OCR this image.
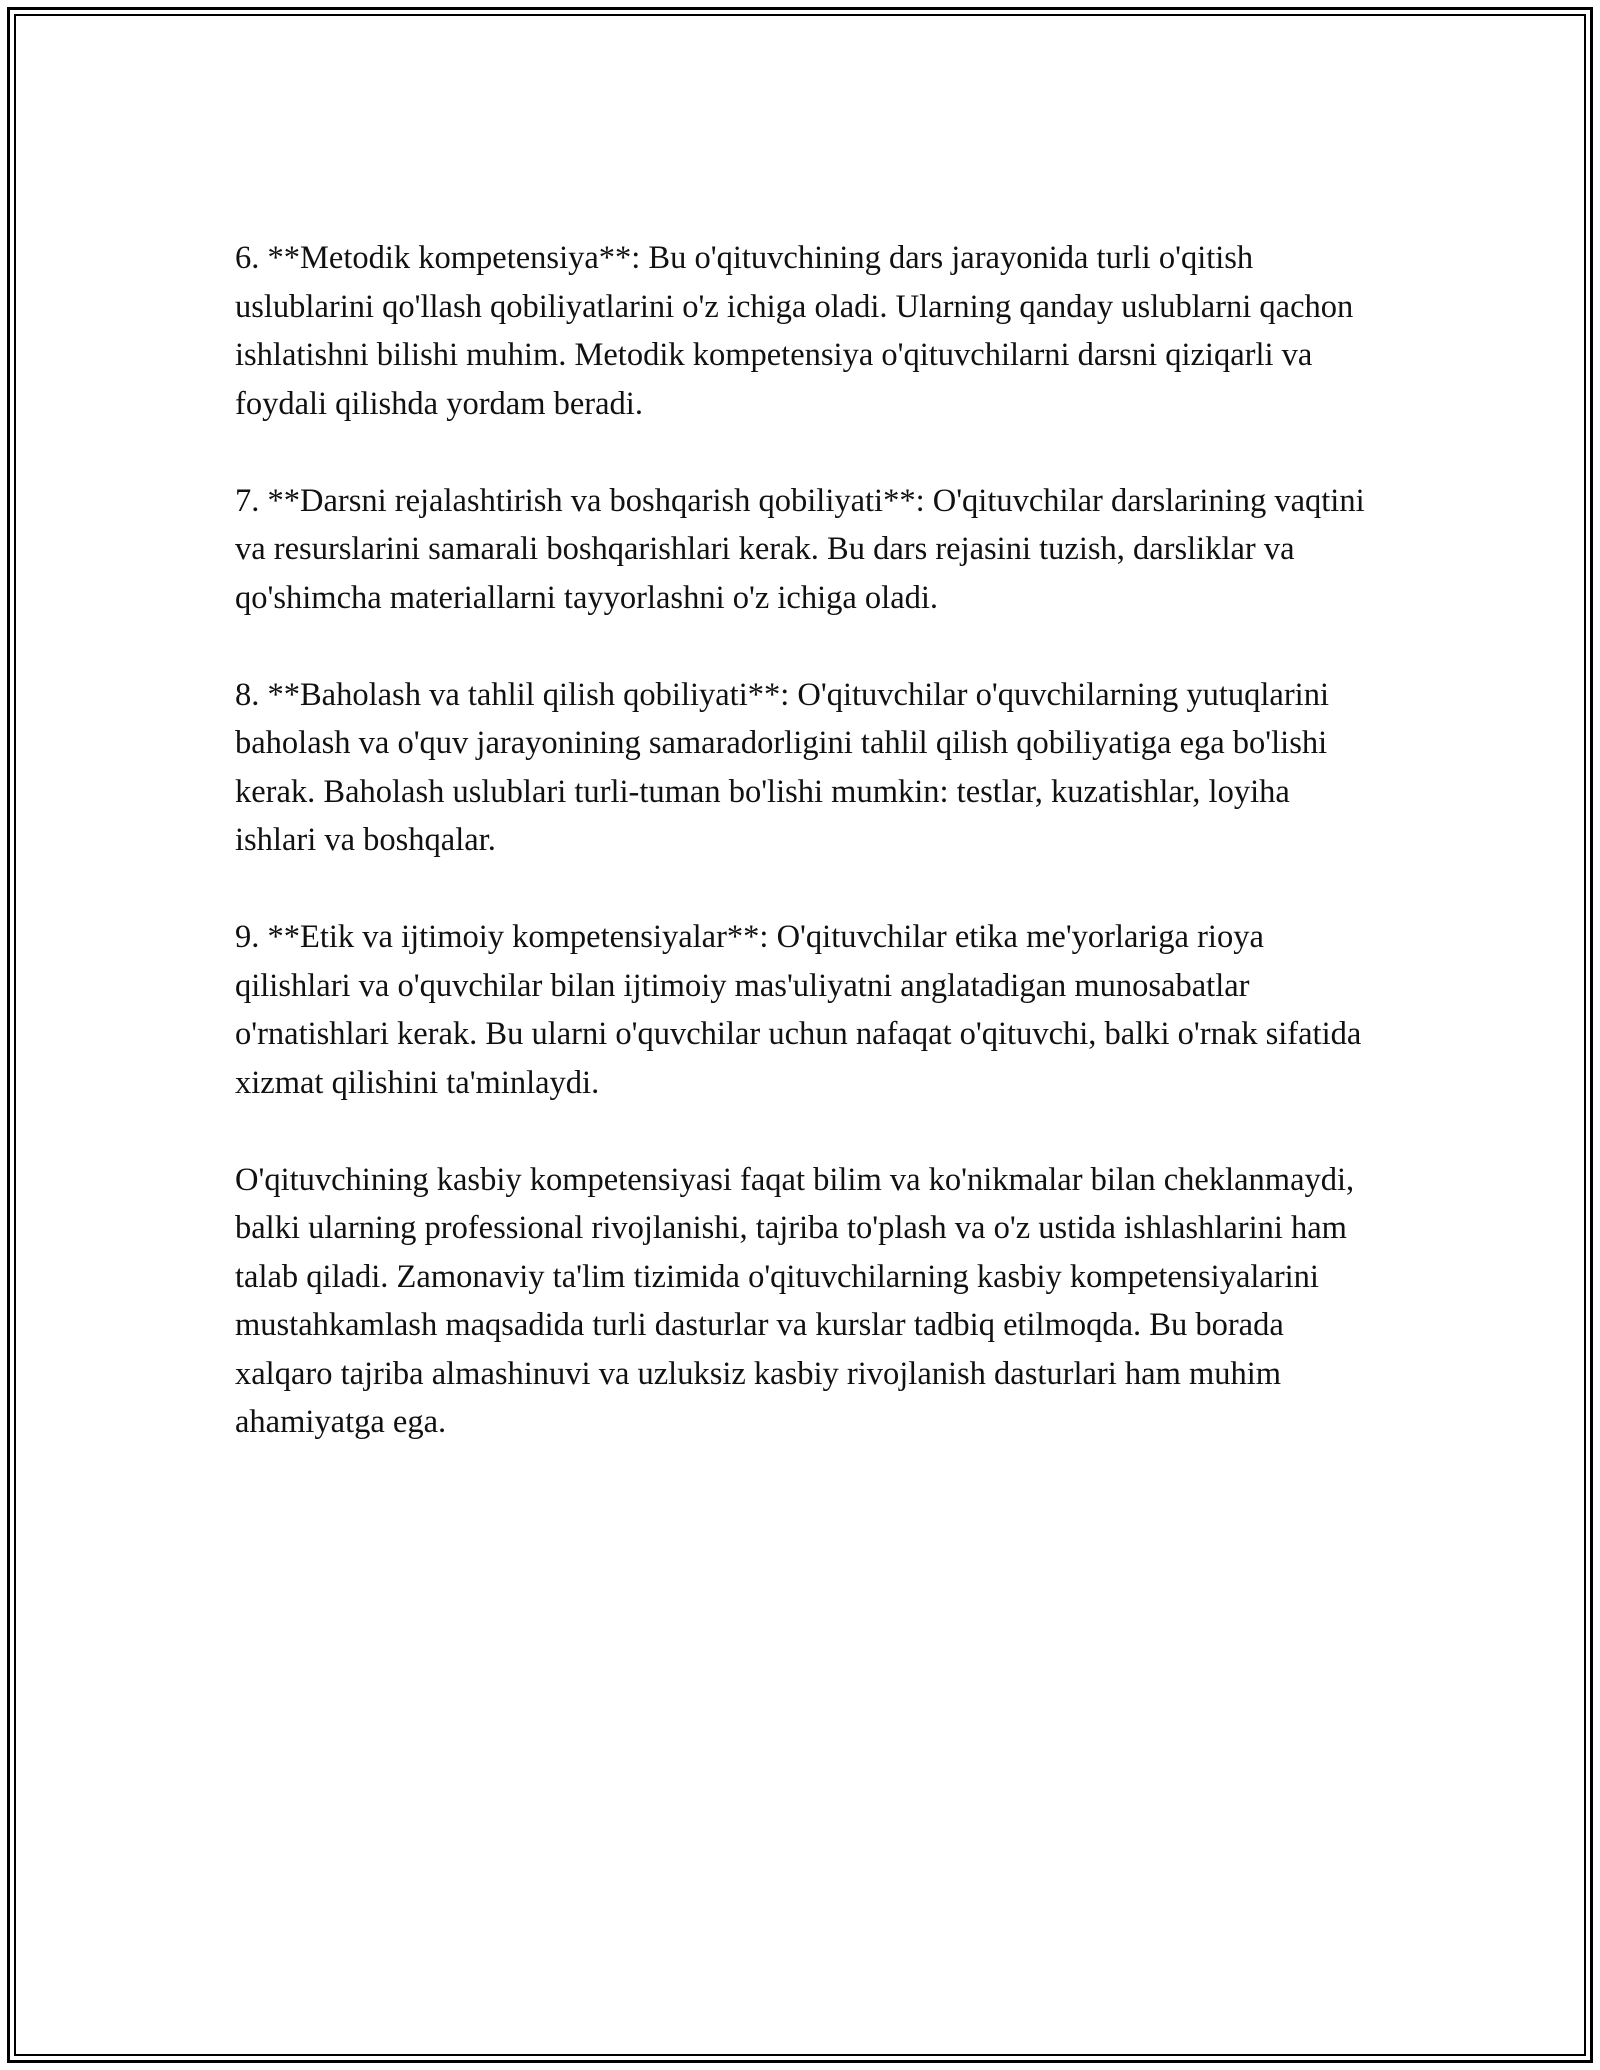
6. **Metodik kompetensiya**: Bu o'qituvchining dars jarayonida turli o'qitish uslublarini qo'llash qobiliyatlarini o'z ichiga oladi. Ularning qanday uslublarni qachon ishlatishni bilishi muhim. Metodik kompetensiya o'qituvchilarni darsni qiziqarli va foydali qilishda yordam beradi.

7. **Darsni rejalashtirish va boshqarish qobiliyati**: O'qituvchilar darslarining vaqtini va resurslarini samarali boshqarishlari kerak. Bu dars rejasini tuzish, darsliklar va qo'shimcha materiallarni tayyorlashni o'z ichiga oladi.

8. **Baholash va tahlil qilish qobiliyati**: O'qituvchilar o'quvchilarning yutuqlarini baholash va o'quv jarayonining samaradorligini tahlil qilish qobiliyatiga ega bo'lishi kerak. Baholash uslublari turli-tuman bo'lishi mumkin: testlar, kuzatishlar, loyiha ishlari va boshqalar.

9. **Etik va ijtimoiy kompetensiyalar**: O'qituvchilar etika me'yorlariga rioya qilishlari va o'quvchilar bilan ijtimoiy mas'uliyatni anglatadigan munosabatlar o'rnatishlari kerak. Bu ularni o'quvchilar uchun nafaqat o'qituvchi, balki o'rnak sifatida xizmat qilishini ta'minlaydi.

O'qituvchining kasbiy kompetensiyasi faqat bilim va ko'nikmalar bilan cheklanmaydi, balki ularning professional rivojlanishi, tajriba to'plash va o'z ustida ishlashlarini ham talab qiladi. Zamonaviy ta'lim tizimida o'qituvchilarning kasbiy kompetensiyalarini mustahkamlash maqsadida turli dasturlar va kurslar tadbiq etilmoqda. Bu borada xalqaro tajriba almashinuvi va uzluksiz kasbiy rivojlanish dasturlari ham muhim ahamiyatga ega.
